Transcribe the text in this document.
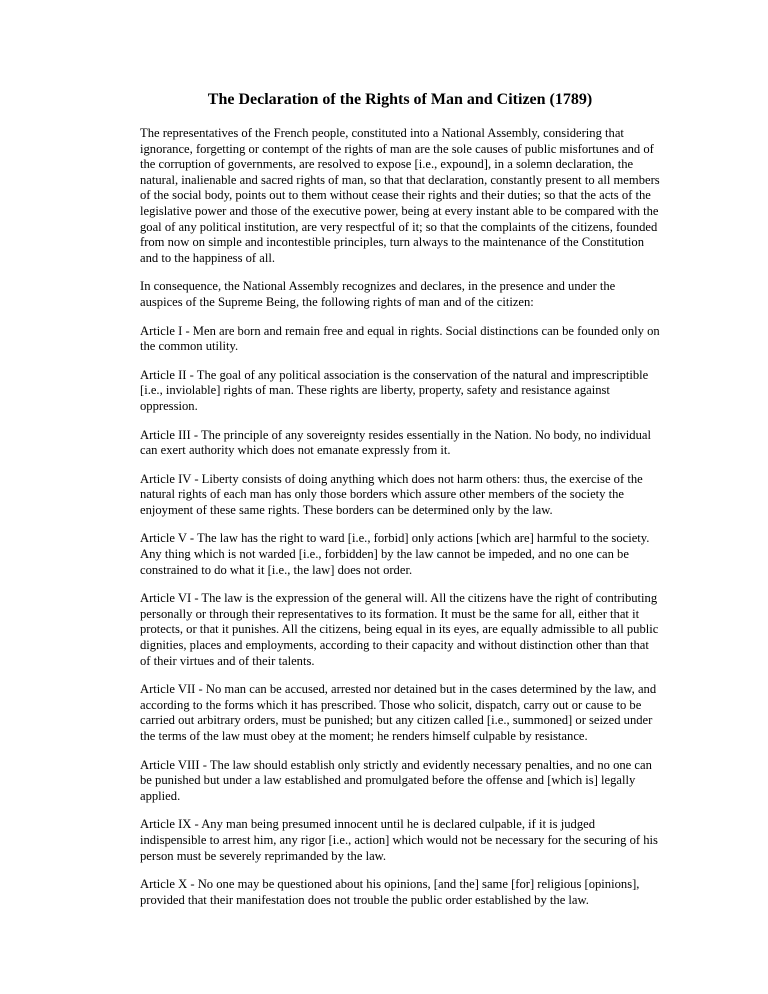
The Declaration of the Rights of Man and Citizen (1789)

The representatives of the French people, constituted into a National Assembly, considering that ignorance, forgetting or contempt of the rights of man are the sole causes of public misfortunes and of the corruption of governments, are resolved to expose [i.e., expound], in a solemn declaration, the natural, inalienable and sacred rights of man, so that that declaration, constantly present to all members of the social body, points out to them without cease their rights and their duties; so that the acts of the legislative power and those of the executive power, being at every instant able to be compared with the goal of any political institution, are very respectful of it; so that the complaints of the citizens, founded from now on simple and incontestible principles, turn always to the maintenance of the Constitution and to the happiness of all.

In consequence, the National Assembly recognizes and declares, in the presence and under the auspices of the Supreme Being, the following rights of man and of the citizen:

Article I - Men are born and remain free and equal in rights. Social distinctions can be founded only on the common utility.

Article II - The goal of any political association is the conservation of the natural and imprescriptible [i.e., inviolable] rights of man. These rights are liberty, property, safety and resistance against oppression.

Article III - The principle of any sovereignty resides essentially in the Nation. No body, no individual can exert authority which does not emanate expressly from it.

Article IV - Liberty consists of doing anything which does not harm others: thus, the exercise of the natural rights of each man has only those borders which assure other members of the society the enjoyment of these same rights. These borders can be determined only by the law.

Article V - The law has the right to ward [i.e., forbid] only actions [which are] harmful to the society. Any thing which is not warded [i.e., forbidden] by the law cannot be impeded, and no one can be constrained to do what it [i.e., the law] does not order.

Article VI - The law is the expression of the general will. All the citizens have the right of contributing personally or through their representatives to its formation. It must be the same for all, either that it protects, or that it punishes. All the citizens, being equal in its eyes, are equally admissible to all public dignities, places and employments, according to their capacity and without distinction other than that of their virtues and of their talents.

Article VII - No man can be accused, arrested nor detained but in the cases determined by the law, and according to the forms which it has prescribed. Those who solicit, dispatch, carry out or cause to be carried out arbitrary orders, must be punished; but any citizen called [i.e., summoned] or seized under the terms of the law must obey at the moment; he renders himself culpable by resistance.

Article VIII - The law should establish only strictly and evidently necessary penalties, and no one can be punished but under a law established and promulgated before the offense and [which is] legally applied.

Article IX - Any man being presumed innocent until he is declared culpable, if it is judged indispensible to arrest him, any rigor [i.e., action] which would not be necessary for the securing of his person must be severely reprimanded by the law.

Article X - No one may be questioned about his opinions, [and the] same [for] religious [opinions], provided that their manifestation does not trouble the public order established by the law.
